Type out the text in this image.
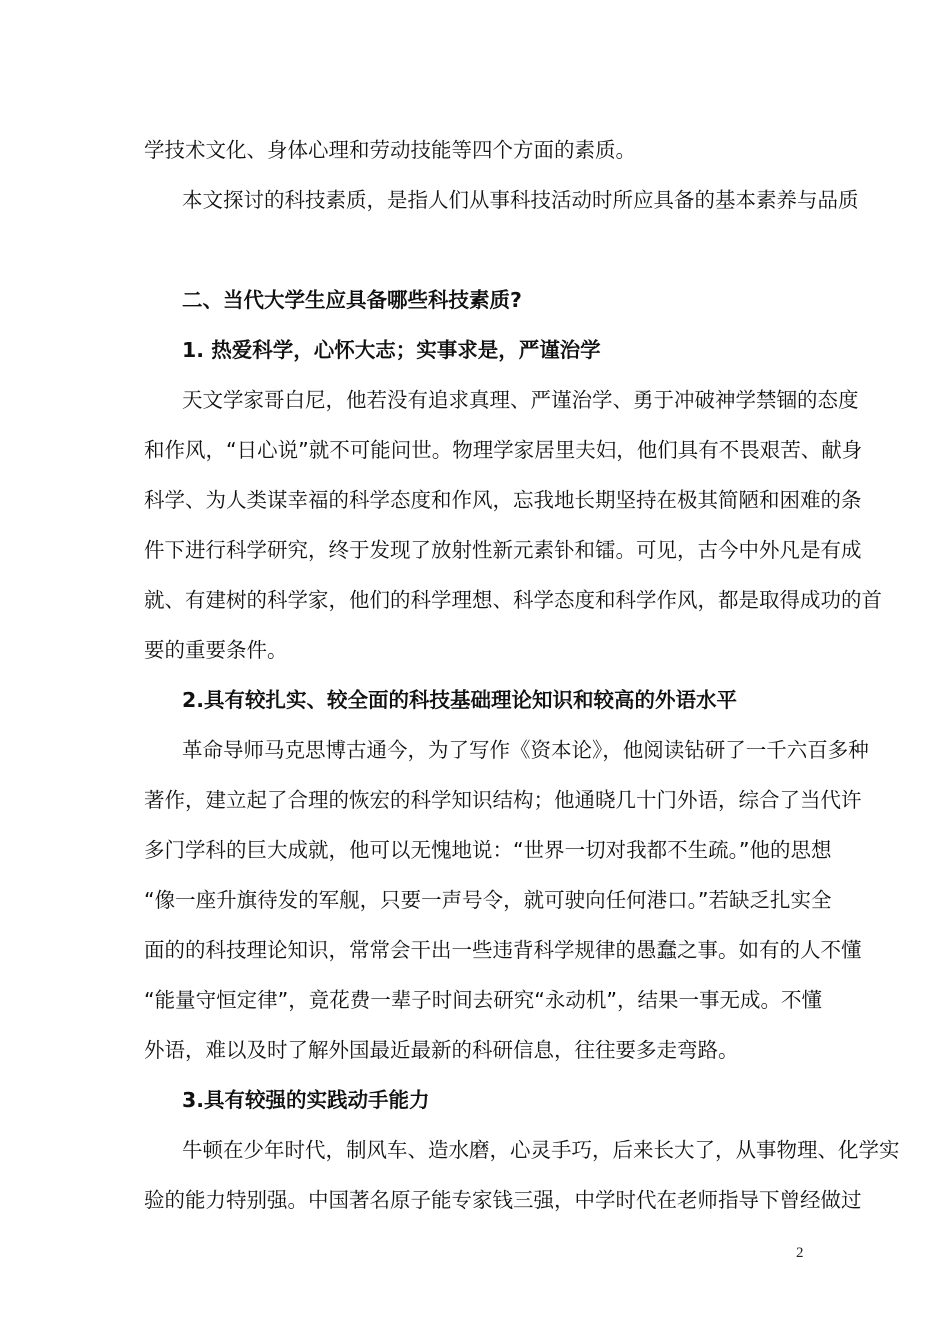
学技术文化、身体心理和劳动技能等四个方面的素质。
本文探讨的科技素质，是指人们从事科技活动时所应具备的基本素养与品质
二、当代大学生应具备哪些科技素质?
1. 热爱科学，心怀大志；实事求是，严谨治学
天文学家哥白尼，他若没有追求真理、严谨治学、勇于冲破神学禁锢的态度
和作风，“日心说”就不可能问世。物理学家居里夫妇，他们具有不畏艰苦、献身
科学、为人类谋幸福的科学态度和作风，忘我地长期坚持在极其简陋和困难的条
件下进行科学研究，终于发现了放射性新元素钋和镭。可见，古今中外凡是有成
就、有建树的科学家，他们的科学理想、科学态度和科学作风，都是取得成功的首
要的重要条件。
2.具有较扎实、较全面的科技基础理论知识和较高的外语水平
革命导师马克思博古通今，为了写作《资本论》，他阅读钻研了一千六百多种
著作，建立起了合理的恢宏的科学知识结构；他通晓几十门外语，综合了当代许
多门学科的巨大成就，他可以无愧地说：“世界一切对我都不生疏。”他的思想
“像一座升旗待发的军舰，只要一声号令，就可驶向任何港口。”若缺乏扎实全
面的的科技理论知识，常常会干出一些违背科学规律的愚蠢之事。如有的人不懂
“能量守恒定律”，竟花费一辈子时间去研究“永动机”，结果一事无成。不懂
外语，难以及时了解外国最近最新的科研信息，往往要多走弯路。
3.具有较强的实践动手能力
牛顿在少年时代，制风车、造水磨，心灵手巧，后来长大了，从事物理、化学实
验的能力特别强。中国著名原子能专家钱三强，中学时代在老师指导下曾经做过
2
